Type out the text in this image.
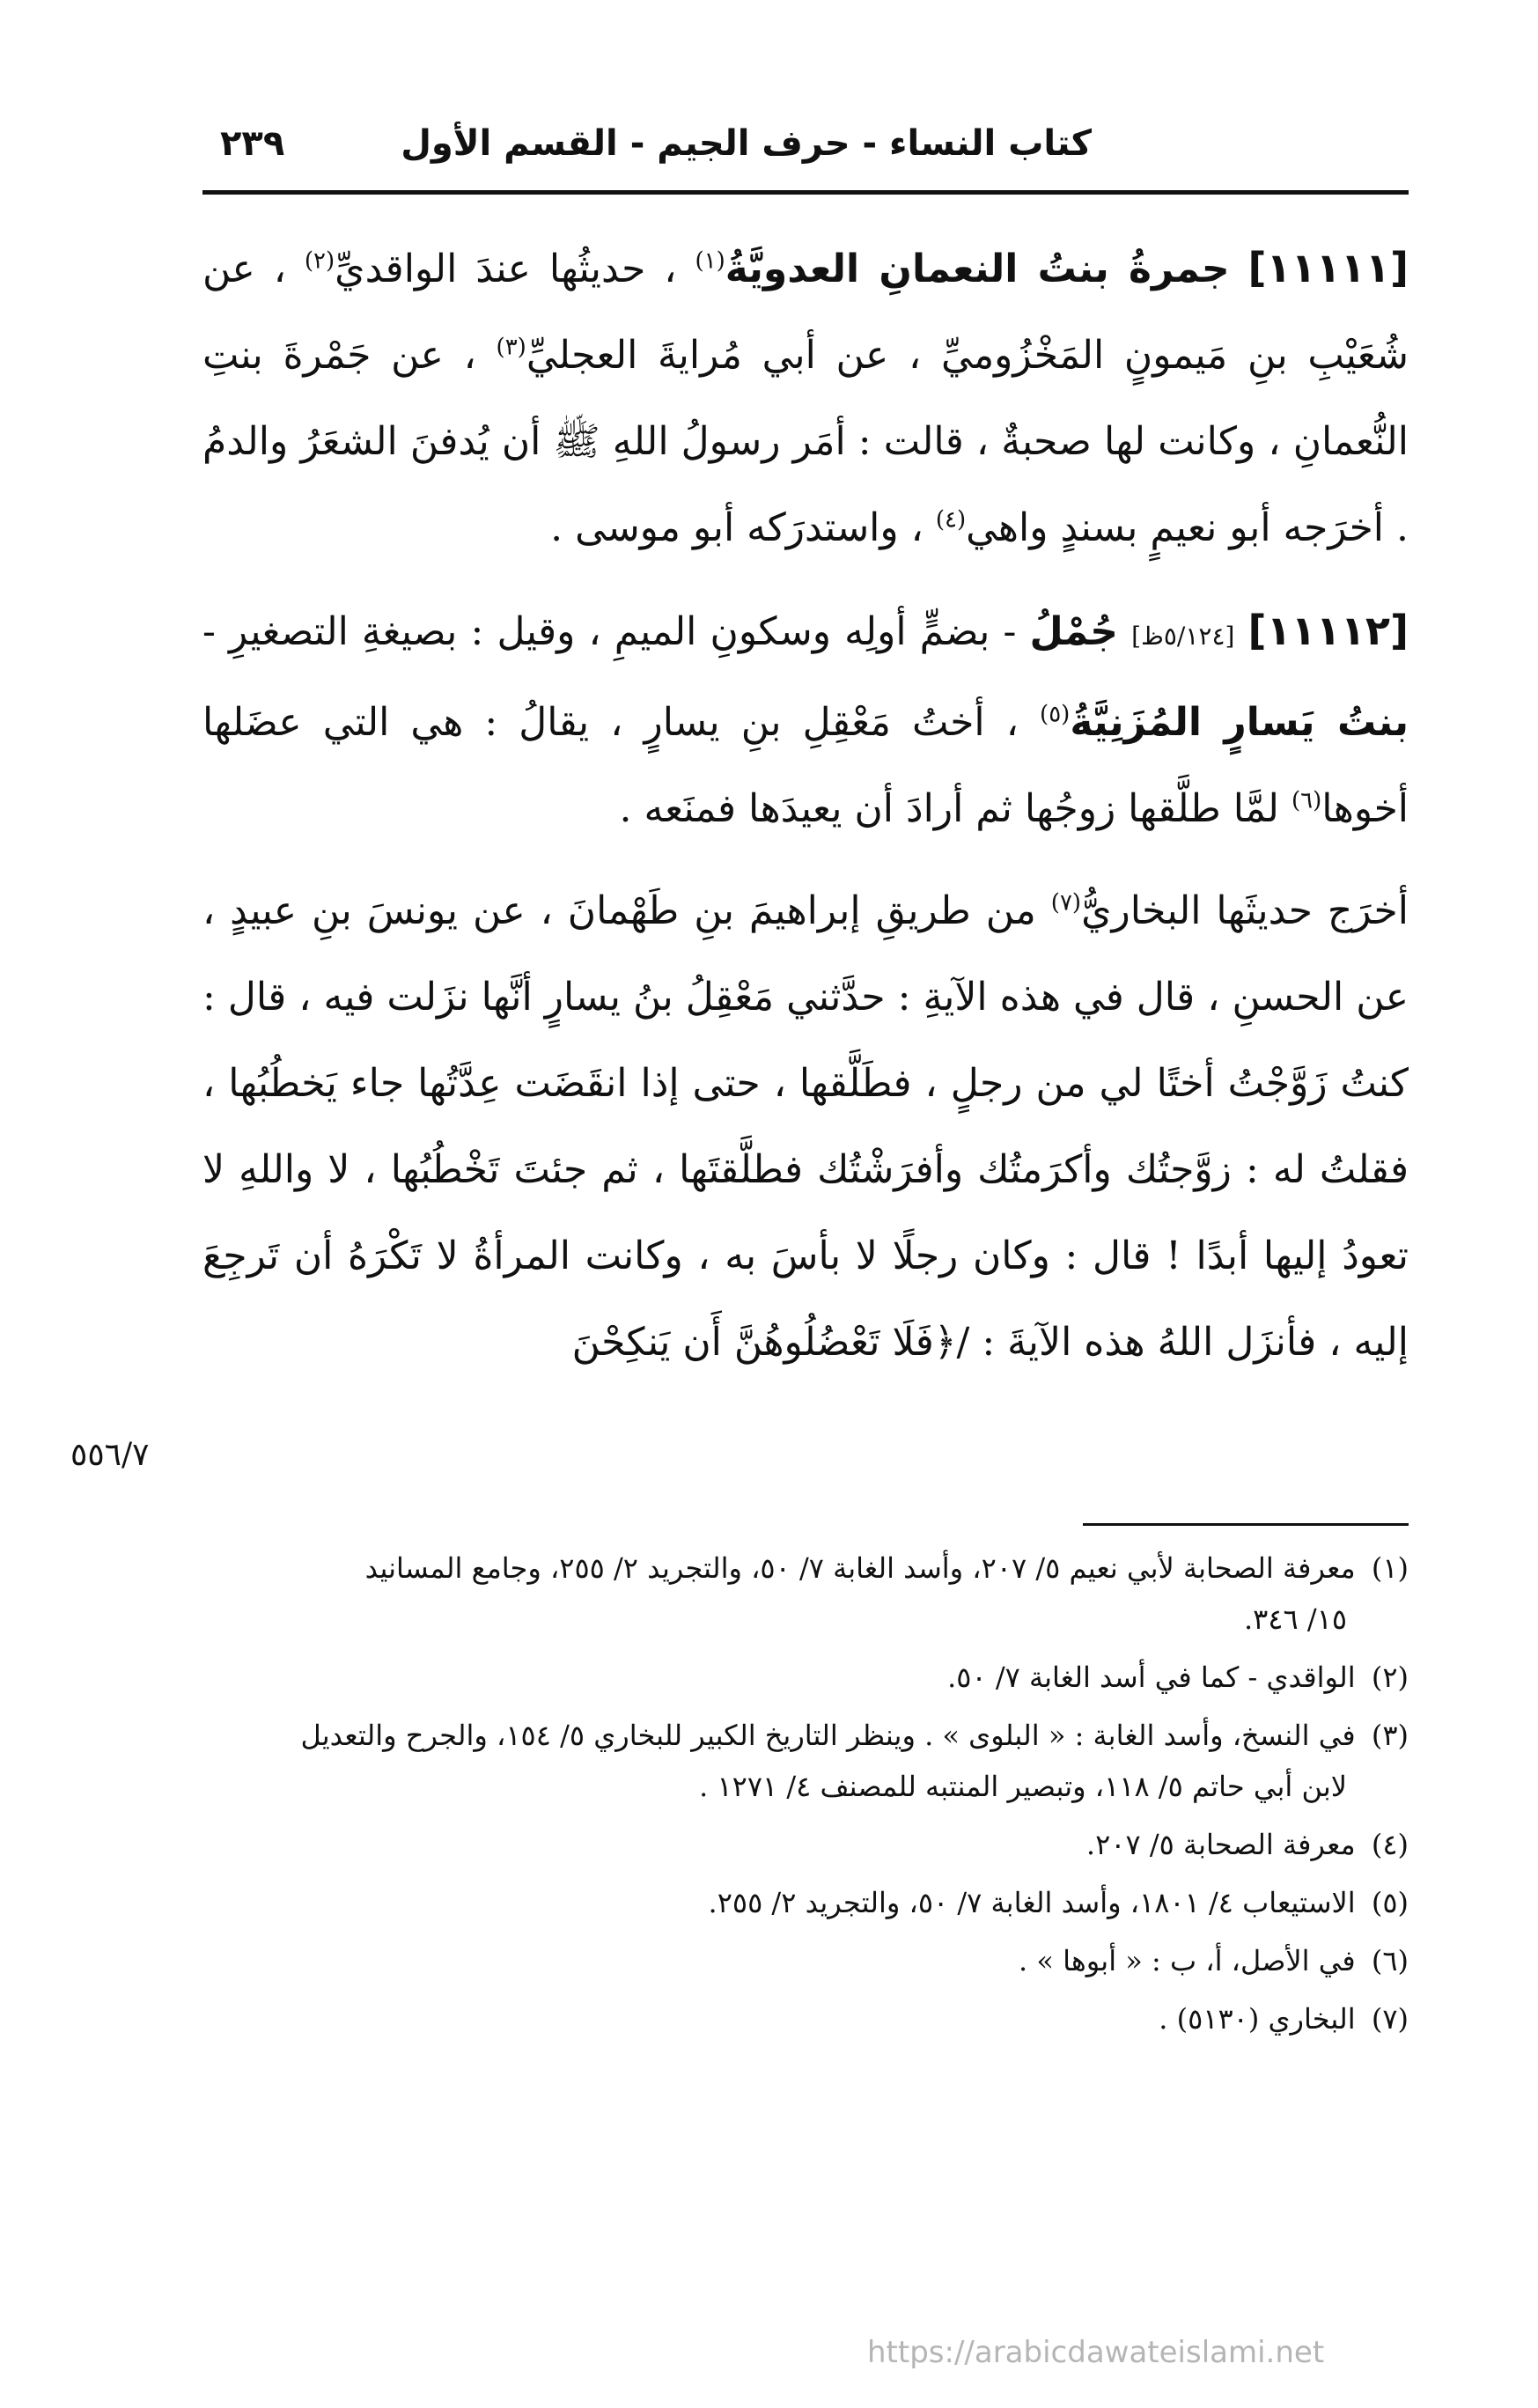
كتاب النساء - حرف الجيم - القسم الأول
٢٣٩

[١١١١١] جمرةُ بنتُ النعمانِ العدويَّةُ$^{(١)}$ ، حديثُها عندَ الواقديِّ$^{(٢)}$ ، عن شُعَيْبِ بنِ مَيمونٍ المَخْزُوميِّ ، عن أبي مُرايةَ العجليِّ$^{(٣)}$ ، عن جَمْرةَ بنتِ النُّعمانِ ، وكانت لها صحبةٌ ، قالت : أمَر رسولُ اللهِ ﷺ أن يُدفنَ الشعَرُ والدمُ . أخرَجه أبو نعيمٍ بسندٍ واهي$^{(٤)}$ ، واستدرَكه أبو موسى .

[١١١١٢] [٥/١٢٤ظ] جُمْلُ - بضمٍّ أولِه وسكونِ الميمِ ، وقيل : بصيغةِ التصغيرِ - بنتُ يَسارٍ المُزَنِيَّةُ$^{(٥)}$ ، أختُ مَعْقِلِ بنِ يسارٍ ، يقالُ : هي التي عضَلها أخوها$^{(٦)}$ لمَّا طلَّقها زوجُها ثم أرادَ أن يعيدَها فمنَعه .

أخرَج حديثَها البخاريُّ$^{(٧)}$ من طريقِ إبراهيمَ بنِ طَهْمانَ ، عن يونسَ بنِ عبيدٍ ، عن الحسنِ ، قال في هذه الآيةِ : حدَّثني مَعْقِلُ بنُ يسارٍ أنَّها نزَلت فيه ، قال : كنتُ زَوَّجْتُ أختًا لي من رجلٍ ، فطَلَّقها ، حتى إذا انقَضَت عِدَّتُها جاء يَخطُبُها ، فقلتُ له : زوَّجتُك وأكرَمتُك وأفرَشْتُك فطلَّقتَها ، ثم جئتَ تَخْطُبُها ، لا واللهِ لا تعودُ إليها أبدًا ! قال : وكان رجلًا لا بأسَ به ، وكانت المرأةُ لا تَكْرَهُ أن تَرجِعَ إليه ، فأنزَل اللهُ هذه الآيةَ : /﴿فَلَا تَعْضُلُوهُنَّ أَن يَنكِحْنَ

٥٥٦/٧
(١) معرفة الصحابة لأبي نعيم ٥/ ٢٠٧، وأسد الغابة ٧/ ٥٠، والتجريد ٢/ ٢٥٥، وجامع المسانيد
١٥/ ٣٤٦.
(٢) الواقدي - كما في أسد الغابة ٧/ ٥٠.
(٣) في النسخ، وأسد الغابة : « البلوى » . وينظر التاريخ الكبير للبخاري ٥/ ١٥٤، والجرح والتعديل
لابن أبي حاتم ٥/ ١١٨، وتبصير المنتبه للمصنف ٤/ ١٢٧١ .
(٤) معرفة الصحابة ٥/ ٢٠٧.
(٥) الاستيعاب ٤/ ١٨٠١، وأسد الغابة ٧/ ٥٠، والتجريد ٢/ ٢٥٥.
(٦) في الأصل، أ، ب : « أبوها » .
(٧) البخاري (٥١٣٠) .
https://arabicdawateislami.net
